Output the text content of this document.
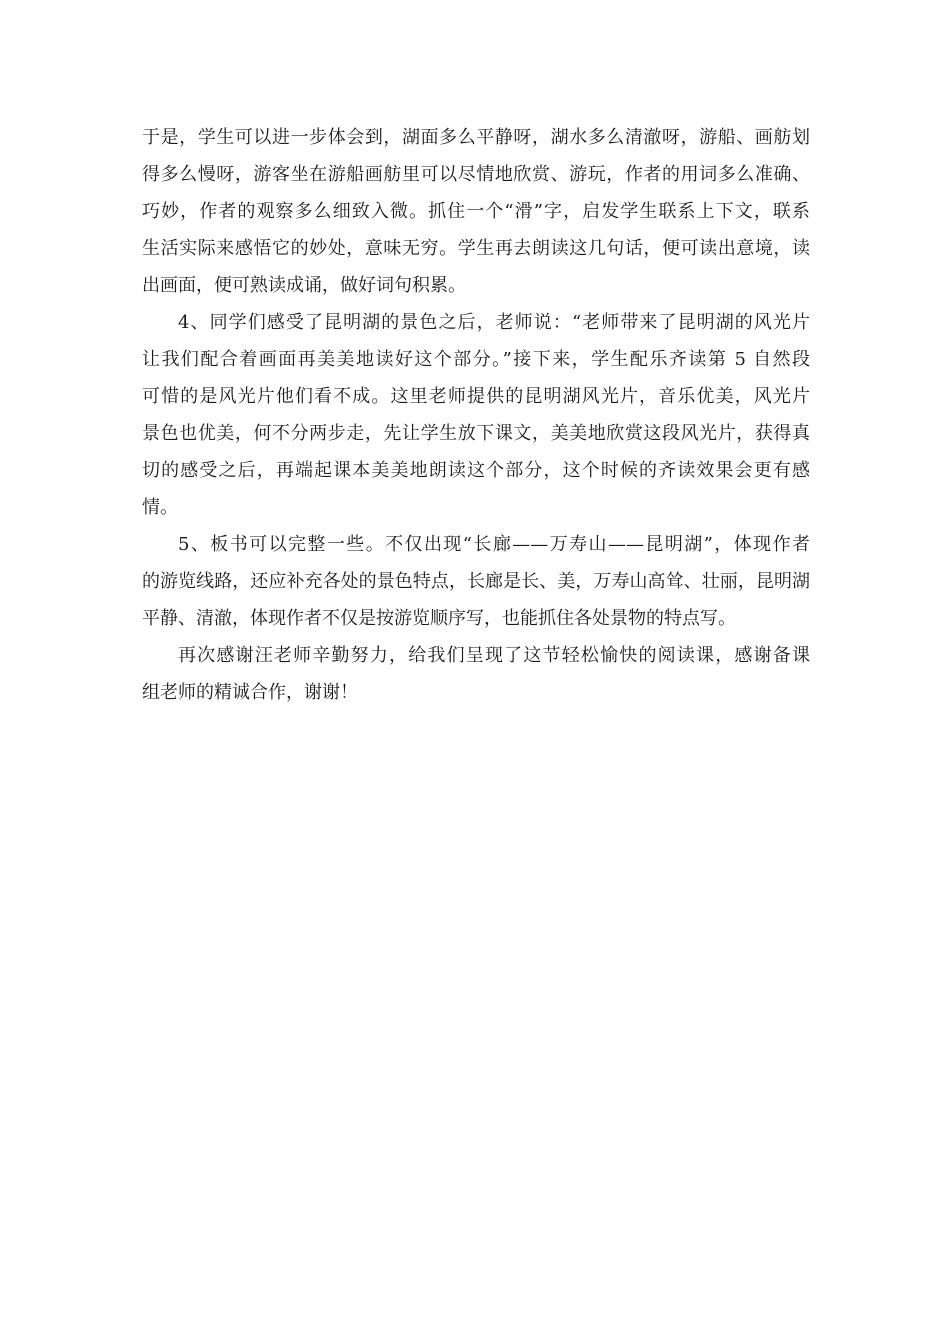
于是，学生可以进一步体会到，湖面多么平静呀，湖水多么清澈呀，游船、画舫划
得多么慢呀，游客坐在游船画舫里可以尽情地欣赏、游玩，作者的用词多么准确、
巧妙，作者的观察多么细致入微。抓住一个“滑”字，启发学生联系上下文，联系
生活实际来感悟它的妙处，意味无穷。学生再去朗读这几句话，便可读出意境，读
出画面，便可熟读成诵，做好词句积累。
4、同学们感受了昆明湖的景色之后，老师说：“老师带来了昆明湖的风光片
让我们配合着画面再美美地读好这个部分。”接下来，学生配乐齐读第 5 自然段
可惜的是风光片他们看不成。这里老师提供的昆明湖风光片，音乐优美，风光片
景色也优美，何不分两步走，先让学生放下课文，美美地欣赏这段风光片，获得真
切的感受之后，再端起课本美美地朗读这个部分，这个时候的齐读效果会更有感
情。
5、板书可以完整一些。不仅出现“长廊——万寿山——昆明湖”，体现作者
的游览线路，还应补充各处的景色特点，长廊是长、美，万寿山高耸、壮丽，昆明湖
平静、清澈，体现作者不仅是按游览顺序写，也能抓住各处景物的特点写。
再次感谢汪老师辛勤努力，给我们呈现了这节轻松愉快的阅读课，感谢备课
组老师的精诚合作，谢谢！
